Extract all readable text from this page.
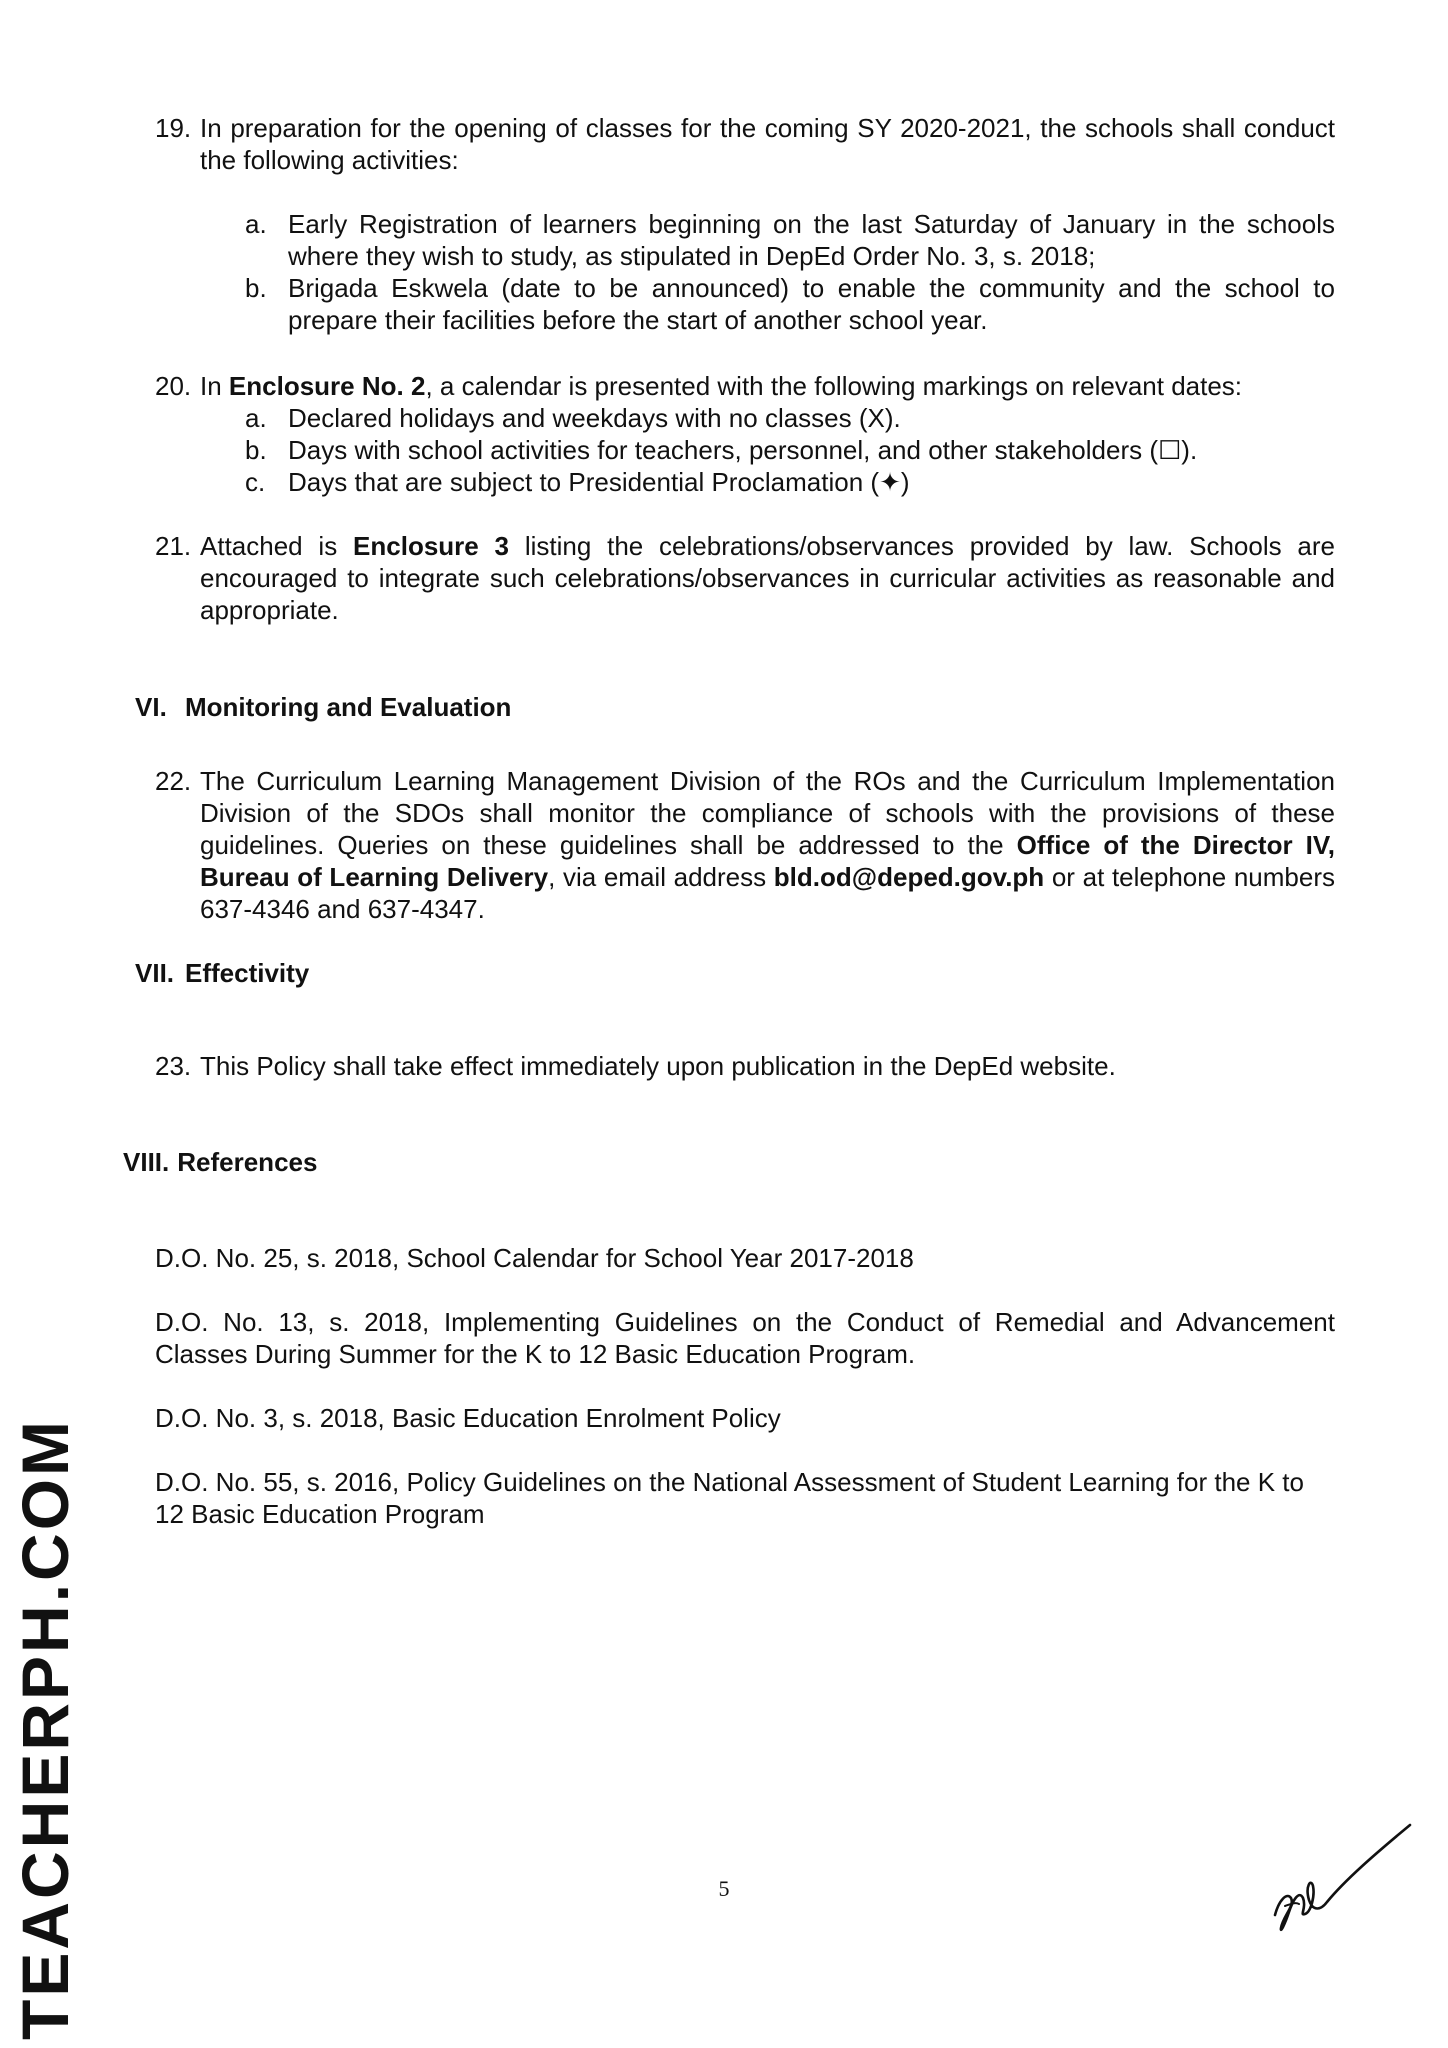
19. In preparation for the opening of classes for the coming SY 2020-2021, the schools shall conduct the following activities:
a. Early Registration of learners beginning on the last Saturday of January in the schools where they wish to study, as stipulated in DepEd Order No. 3, s. 2018;
b. Brigada Eskwela (date to be announced) to enable the community and the school to prepare their facilities before the start of another school year.
20. In Enclosure No. 2, a calendar is presented with the following markings on relevant dates:
a. Declared holidays and weekdays with no classes (X).
b. Days with school activities for teachers, personnel, and other stakeholders (☐).
c. Days that are subject to Presidential Proclamation (✦)
21. Attached is Enclosure 3 listing the celebrations/observances provided by law. Schools are encouraged to integrate such celebrations/observances in curricular activities as reasonable and appropriate.
VI. Monitoring and Evaluation
22. The Curriculum Learning Management Division of the ROs and the Curriculum Implementation Division of the SDOs shall monitor the compliance of schools with the provisions of these guidelines. Queries on these guidelines shall be addressed to the Office of the Director IV, Bureau of Learning Delivery, via email address bld.od@deped.gov.ph or at telephone numbers 637-4346 and 637-4347.
VII. Effectivity
23. This Policy shall take effect immediately upon publication in the DepEd website.
VIII. References
D.O. No. 25, s. 2018, School Calendar for School Year 2017-2018
D.O. No. 13, s. 2018, Implementing Guidelines on the Conduct of Remedial and Advancement Classes During Summer for the K to 12 Basic Education Program.
D.O. No. 3, s. 2018, Basic Education Enrolment Policy
D.O. No. 55, s. 2016, Policy Guidelines on the National Assessment of Student Learning for the K to 12 Basic Education Program
5
TEACHERPH.COM
